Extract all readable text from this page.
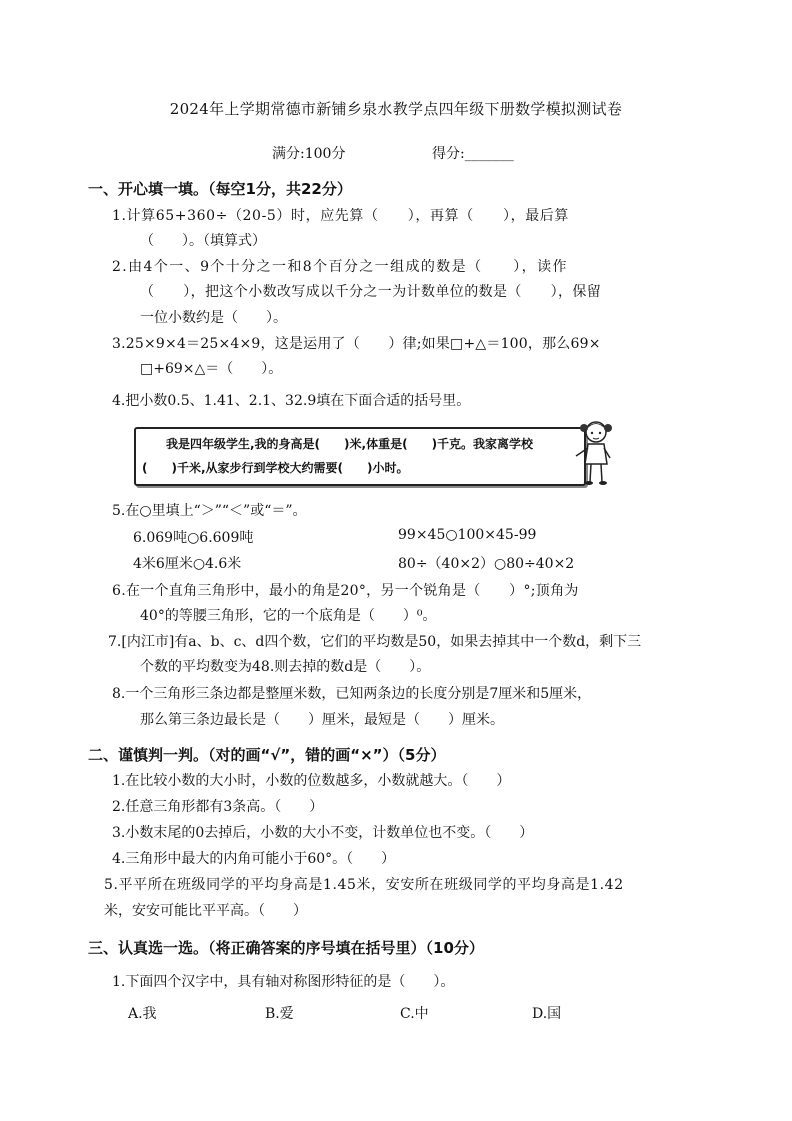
2024年上学期常德市新铺乡泉水教学点四年级下册数学模拟测试卷
满分:100分	得分:_______
一、开心填一填。（每空1分，共22分）
1.计算65+360÷（20-5）时，应先算（　　），再算（　　），最后算
（　　）。（填算式）
2.由4个一、9个十分之一和8个百分之一组成的数是（　　），读作
（　　），把这个小数改写成以千分之一为计数单位的数是（　　），保留
一位小数约是（　　）。
3.25×9×4＝25×4×9，这是运用了（　　）律;如果□+△＝100，那么69×
□+69×△＝（　　）。
4.把小数0.5、1.41、2.1、32.9填在下面合适的括号里。
我是四年级学生,我的身高是(　　)米,体重是(　　)千克。我家离学校
(　　)千米,从家步行到学校大约需要(　　)小时。
5.在○里填上“＞”“＜”或“＝”。
6.069吨○6.609吨	99×45○100×45-99
4米6厘米○4.6米	80÷（40×2）○80÷40×2
6.在一个直角三角形中，最小的角是20°，另一个锐角是（　　）°;顶角为
40°的等腰三角形，它的一个底角是（　　）⁰。
7.[内江市]有a、b、c、d四个数，它们的平均数是50，如果去掉其中一个数d，剩下三
个数的平均数变为48.则去掉的数d是（　　）。
8.一个三角形三条边都是整厘米数，已知两条边的长度分别是7厘米和5厘米，
那么第三条边最长是（　　）厘米，最短是（　　）厘米。
二、谨慎判一判。（对的画“√”，错的画“×”）（5分）
1.在比较小数的大小时，小数的位数越多，小数就越大。（　　）
2.任意三角形都有3条高。（　　）
3.小数末尾的0去掉后，小数的大小不变，计数单位也不变。（　　）
4.三角形中最大的内角可能小于60°。（　　）
5.平平所在班级同学的平均身高是1.45米，安安所在班级同学的平均身高是1.42
米，安安可能比平平高。（　　）
三、认真选一选。（将正确答案的序号填在括号里）（10分）
1.下面四个汉字中，具有轴对称图形特征的是（　　）。
A.我	B.爱	C.中	D.国
